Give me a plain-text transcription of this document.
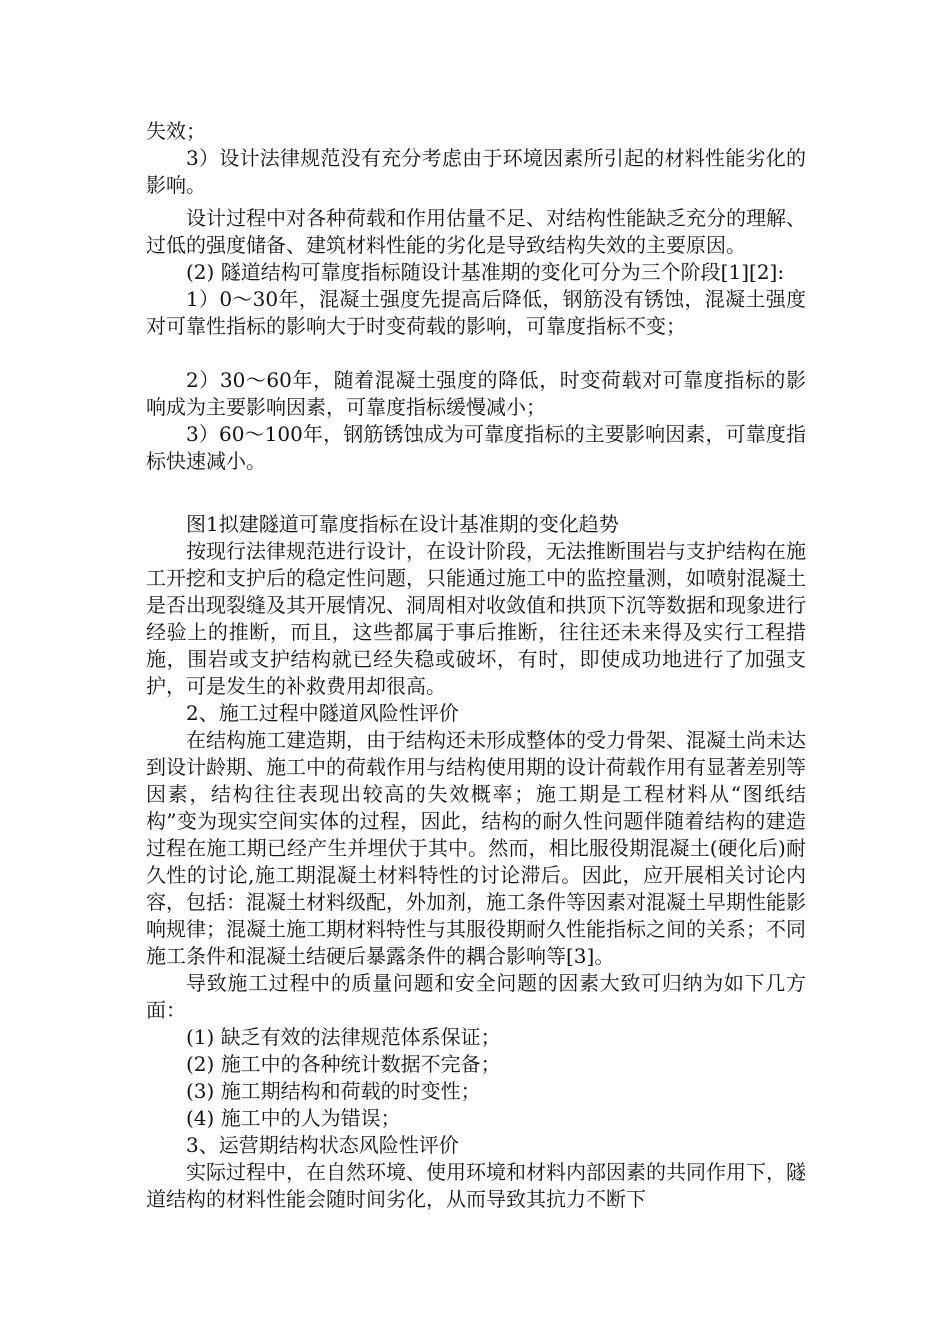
失效；

3）设计法律规范没有充分考虑由于环境因素所引起的材料性能劣化的影响。

设计过程中对各种荷载和作用估量不足、对结构性能缺乏充分的理解、过低的强度储备、建筑材料性能的劣化是导致结构失效的主要原因。

(2) 隧道结构可靠度指标随设计基准期的变化可分为三个阶段[1][2]:

1）0～30年，混凝土强度先提高后降低，钢筋没有锈蚀，混凝土强度对可靠性指标的影响大于时变荷载的影响，可靠度指标不变；

2）30～60年，随着混凝土强度的降低，时变荷载对可靠度指标的影响成为主要影响因素，可靠度指标缓慢减小；

3）60～100年，钢筋锈蚀成为可靠度指标的主要影响因素，可靠度指标快速减小。

图1拟建隧道可靠度指标在设计基准期的变化趋势

按现行法律规范进行设计，在设计阶段，无法推断围岩与支护结构在施工开挖和支护后的稳定性问题，只能通过施工中的监控量测，如喷射混凝土是否出现裂缝及其开展情况、洞周相对收敛值和拱顶下沉等数据和现象进行经验上的推断，而且，这些都属于事后推断，往往还未来得及实行工程措施，围岩或支护结构就已经失稳或破坏，有时，即使成功地进行了加强支护，可是发生的补救费用却很高。

2、施工过程中隧道风险性评价

在结构施工建造期，由于结构还未形成整体的受力骨架、混凝土尚未达到设计龄期、施工中的荷载作用与结构使用期的设计荷载作用有显著差别等因素，结构往往表现出较高的失效概率；施工期是工程材料从“图纸结构”变为现实空间实体的过程，因此，结构的耐久性问题伴随着结构的建造过程在施工期已经产生并埋伏于其中。然而，相比服役期混凝土(硬化后)耐久性的讨论,施工期混凝土材料特性的讨论滞后。因此，应开展相关讨论内容，包括：混凝土材料级配，外加剂，施工条件等因素对混凝土早期性能影响规律；混凝土施工期材料特性与其服役期耐久性能指标之间的关系；不同施工条件和混凝土结硬后暴露条件的耦合影响等[3]。

导致施工过程中的质量问题和安全问题的因素大致可归纳为如下几方面：

(1) 缺乏有效的法律规范体系保证；

(2) 施工中的各种统计数据不完备；

(3) 施工期结构和荷载的时变性；

(4) 施工中的人为错误；

3、运营期结构状态风险性评价

实际过程中，在自然环境、使用环境和材料内部因素的共同作用下，隧道结构的材料性能会随时间劣化，从而导致其抗力不断下
